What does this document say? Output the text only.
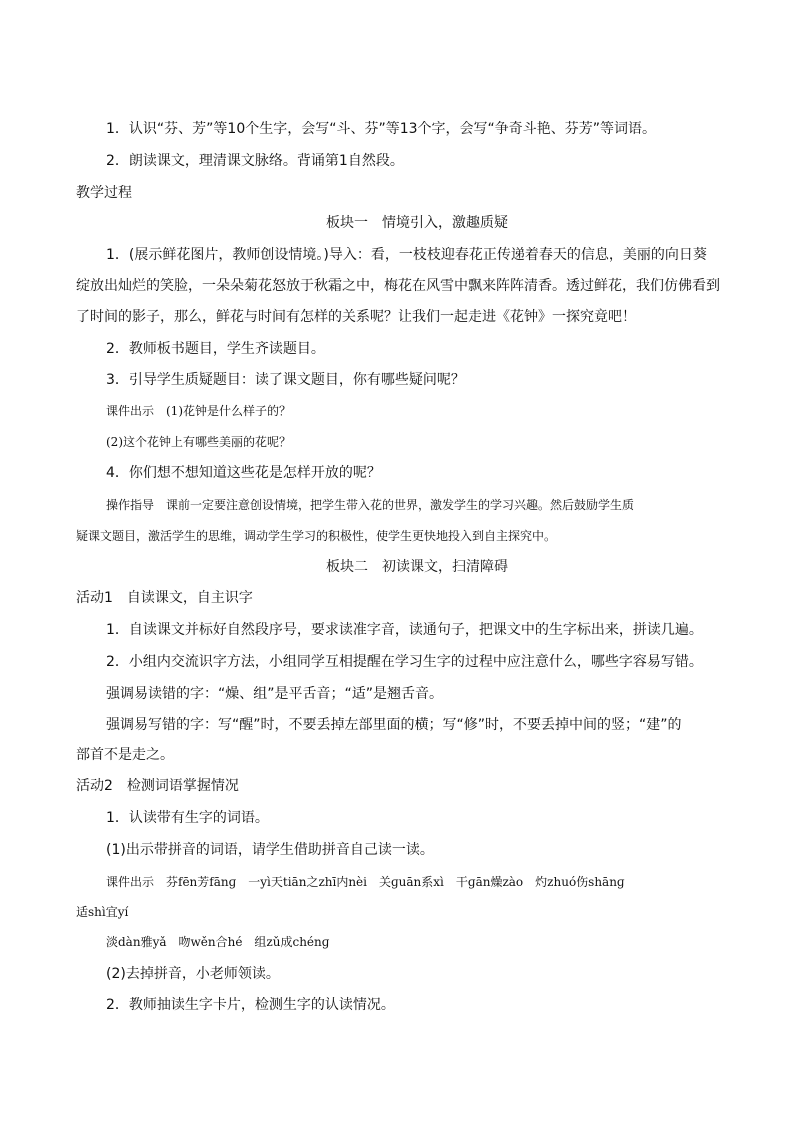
1．认识“芬、芳”等10个生字，会写“斗、芬”等13个字，会写“争奇斗艳、芬芳”等词语。
2．朗读课文，理清课文脉络。背诵第1自然段。
教学过程
板块一　情境引入，激趣质疑
1．(展示鲜花图片，教师创设情境。)导入：看，一枝枝迎春花正传递着春天的信息，美丽的向日葵
绽放出灿烂的笑脸，一朵朵菊花怒放于秋霜之中，梅花在风雪中飘来阵阵清香。透过鲜花，我们仿佛看到
了时间的影子，那么，鲜花与时间有怎样的关系呢？让我们一起走进《花钟》一探究竟吧！
2．教师板书题目，学生齐读题目。
3．引导学生质疑题目：读了课文题目，你有哪些疑问呢？
课件出示　(1)花钟是什么样子的？
(2)这个花钟上有哪些美丽的花呢？
4．你们想不想知道这些花是怎样开放的呢？
操作指导　课前一定要注意创设情境，把学生带入花的世界，激发学生的学习兴趣。然后鼓励学生质
疑课文题目，激活学生的思维，调动学生学习的积极性，使学生更快地投入到自主探究中。
板块二　初读课文，扫清障碍
活动1　自读课文，自主识字
1．自读课文并标好自然段序号，要求读准字音，读通句子，把课文中的生字标出来，拼读几遍。
2．小组内交流识字方法，小组同学互相提醒在学习生字的过程中应注意什么，哪些字容易写错。
强调易读错的字：“燥、组”是平舌音；“适”是翘舌音。
强调易写错的字：写“醒”时，不要丢掉左部里面的横；写“修”时，不要丢掉中间的竖；“建”的
部首不是走之。
活动2　检测词语掌握情况
1．认读带有生字的词语。
(1)出示带拼音的词语，请学生借助拼音自己读一读。
课件出示　芬fēn芳fānɡ　一yì天tiān之zhī内nèi　关ɡuān系xì　干ɡān燥zào　灼zhuó伤shānɡ
适shì宜yí
淡dàn雅yǎ　吻wěn合hé　组zǔ成chénɡ
(2)去掉拼音，小老师领读。
2．教师抽读生字卡片，检测生字的认读情况。
